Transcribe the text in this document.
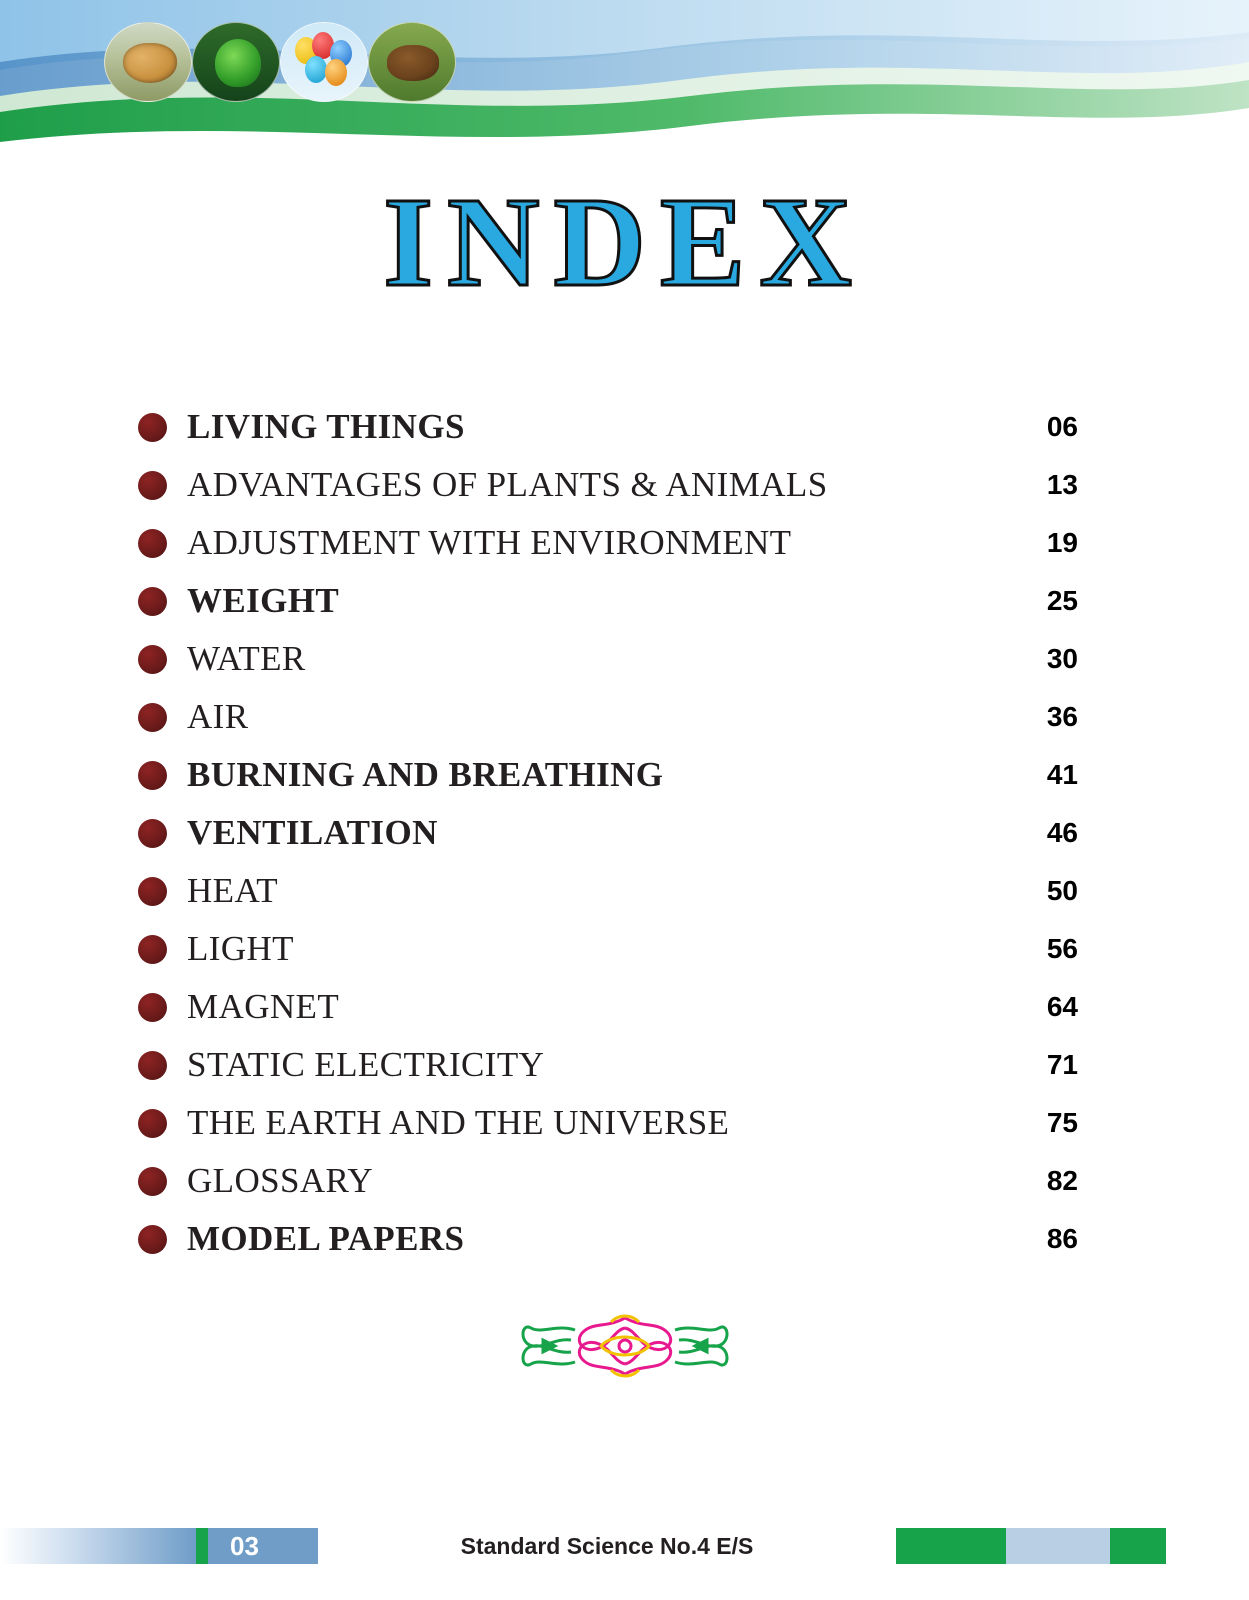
INDEX
LIVING THINGS	06
ADVANTAGES OF PLANTS & ANIMALS	13
ADJUSTMENT WITH ENVIRONMENT	19
WEIGHT	25
WATER	30
AIR	36
BURNING AND BREATHING	41
VENTILATION	46
HEAT	50
LIGHT	56
MAGNET	64
STATIC ELECTRICITY	71
THE EARTH AND THE UNIVERSE	75
GLOSSARY	82
MODEL PAPERS	86
03	Standard Science No.4 E/S
